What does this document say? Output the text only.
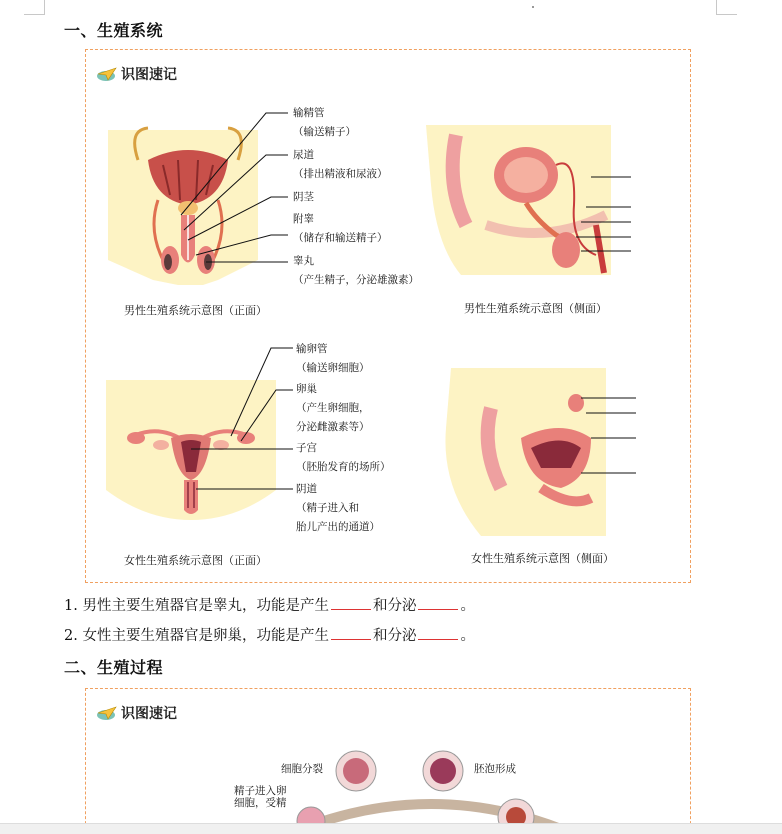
一、生殖系统
识图速记
输精管
（输送精子）
尿道
（排出精液和尿液）
阴茎
附睾
（储存和输送精子）
睾丸
（产生精子，分泌雄激素）
男性生殖系统示意图（正面）	男性生殖系统示意图（侧面）
输卵管
（输送卵细胞）
卵巢
（产生卵细胞，
分泌雌激素等）
子宫
（胚胎发育的场所）
阴道
（精子进入和
胎儿产出的通道）
女性生殖系统示意图（正面）	女性生殖系统示意图（侧面）
1. 男性主要生殖器官是睾丸，功能是产生	和分泌	。
2. 女性主要生殖器官是卵巢，功能是产生	和分泌	。
二、生殖过程
识图速记
细胞分裂	胚泡形成
精子进入卵
细胞，受精
